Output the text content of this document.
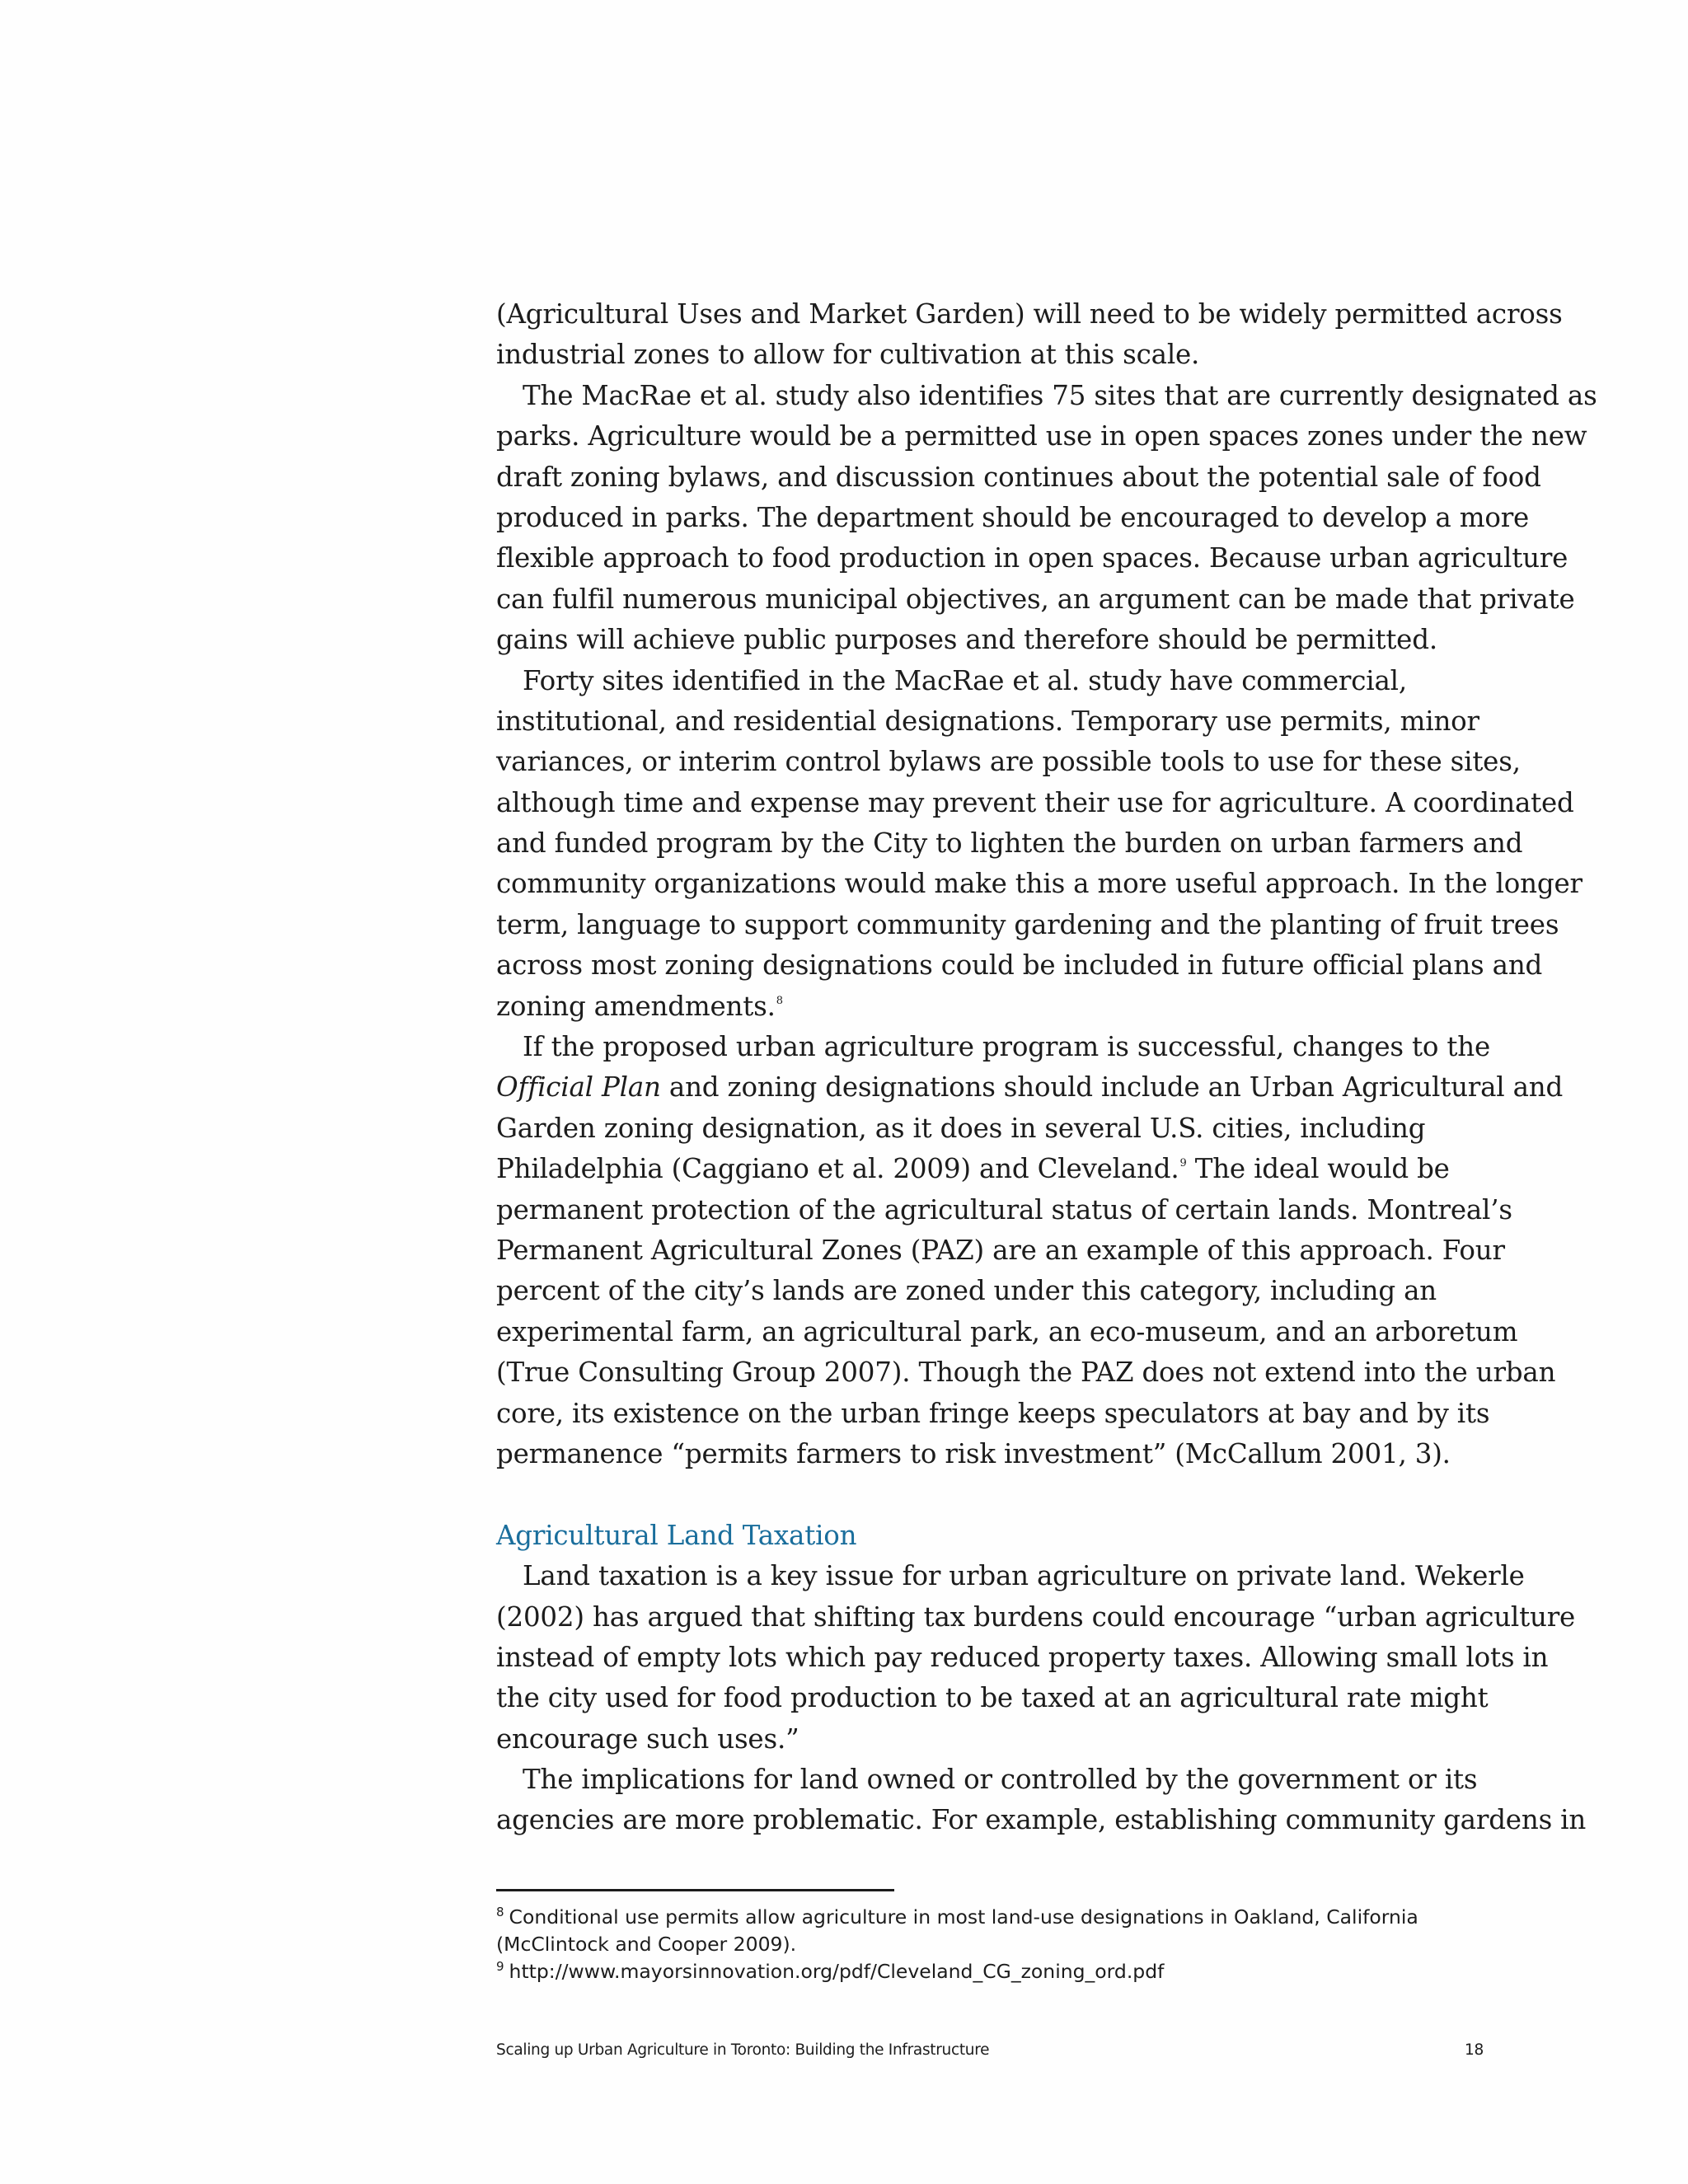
(Agricultural Uses and Market Garden) will need to be widely permitted across
industrial zones to allow for cultivation at this scale.
The MacRae et al. study also identifies 75 sites that are currently designated as
parks. Agriculture would be a permitted use in open spaces zones under the new
draft zoning bylaws, and discussion continues about the potential sale of food
produced in parks. The department should be encouraged to develop a more
flexible approach to food production in open spaces. Because urban agriculture
can fulfil numerous municipal objectives, an argument can be made that private
gains will achieve public purposes and therefore should be permitted.
Forty sites identified in the MacRae et al. study have commercial,
institutional, and residential designations. Temporary use permits, minor
variances, or interim control bylaws are possible tools to use for these sites,
although time and expense may prevent their use for agriculture. A coordinated
and funded program by the City to lighten the burden on urban farmers and
community organizations would make this a more useful approach. In the longer
term, language to support community gardening and the planting of fruit trees
across most zoning designations could be included in future official plans and
zoning amendments.$^8$
If the proposed urban agriculture program is successful, changes to the
Official Plan and zoning designations should include an Urban Agricultural and
Garden zoning designation, as it does in several U.S. cities, including
Philadelphia (Caggiano et al. 2009) and Cleveland.$^9$ The ideal would be
permanent protection of the agricultural status of certain lands. Montreal’s
Permanent Agricultural Zones (PAZ) are an example of this approach. Four
percent of the city’s lands are zoned under this category, including an
experimental farm, an agricultural park, an eco-museum, and an arboretum
(True Consulting Group 2007). Though the PAZ does not extend into the urban
core, its existence on the urban fringe keeps speculators at bay and by its
permanence “permits farmers to risk investment” (McCallum 2001, 3).
Agricultural Land Taxation
Land taxation is a key issue for urban agriculture on private land. Wekerle
(2002) has argued that shifting tax burdens could encourage “urban agriculture
instead of empty lots which pay reduced property taxes. Allowing small lots in
the city used for food production to be taxed at an agricultural rate might
encourage such uses.”
The implications for land owned or controlled by the government or its
agencies are more problematic. For example, establishing community gardens in
$^8$ Conditional use permits allow agriculture in most land-use designations in Oakland, California
(McClintock and Cooper 2009).
$^9$ http://www.mayorsinnovation.org/pdf/Cleveland_CG_zoning_ord.pdf
Scaling up Urban Agriculture in Toronto: Building the Infrastructure	18
